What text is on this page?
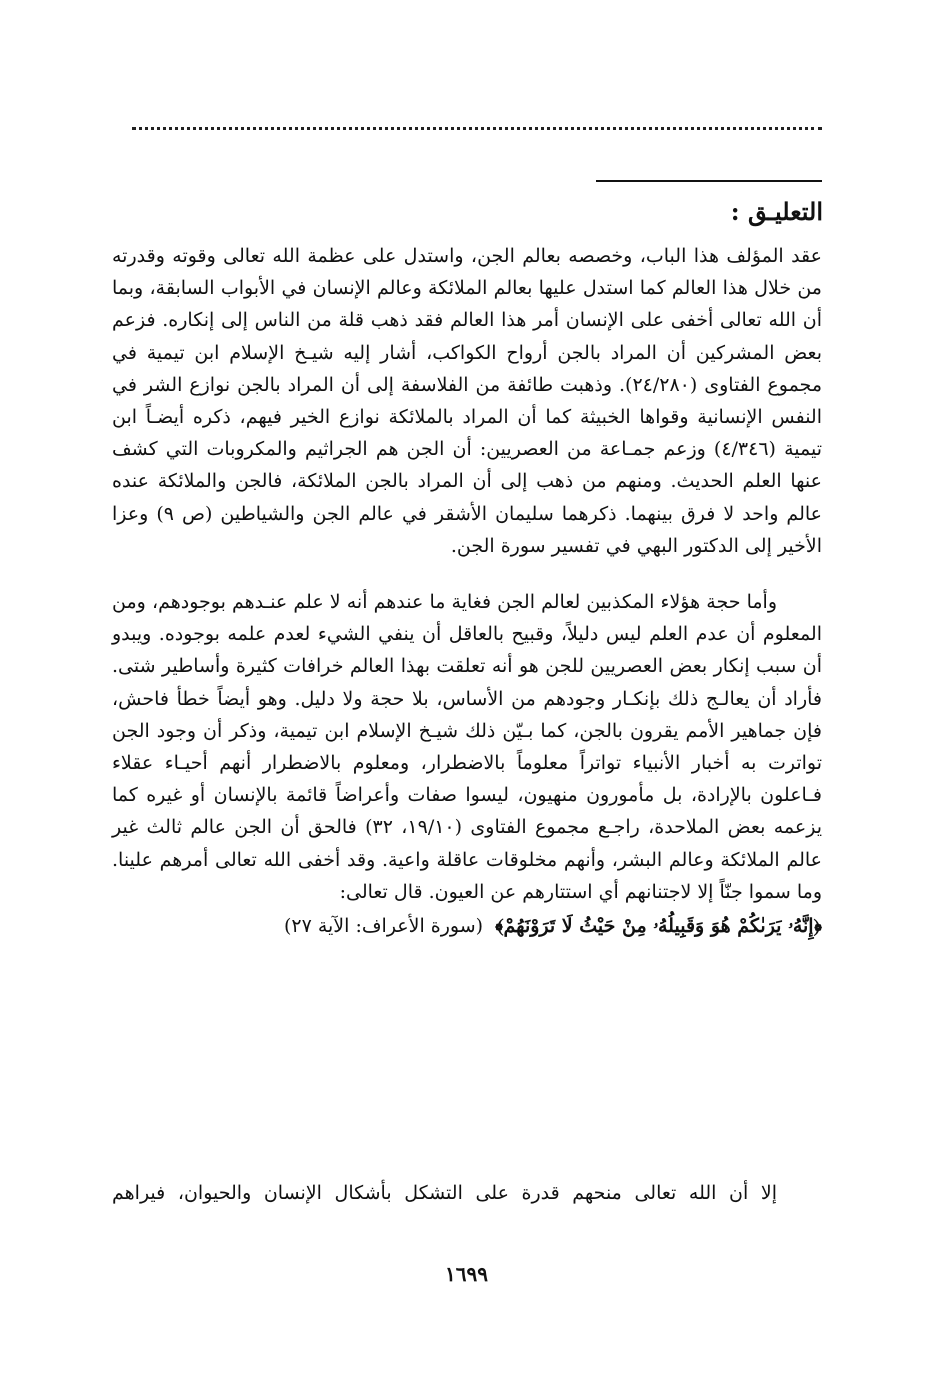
التعليـق :

عقد المؤلف هذا الباب، وخصصه بعالم الجن، واستدل على عظمة الله تعالى وقوته وقدرته من خلال هذا العالم كما استدل عليها بعالم الملائكة وعالم الإنسان في الأبواب السابقة، وبما أن الله تعالى أخفى على الإنسان أمر هذا العالم فقد ذهب قلة من الناس إلى إنكاره. فزعم بعض المشركين أن المراد بالجن أرواح الكواكب، أشار إليه شيـخ الإسلام ابن تيمية في مجموع الفتاوى (٢٤/٢٨٠). وذهبت طائفة من الفلاسفة إلى أن المراد بالجن نوازع الشر في النفس الإنسانية وقواها الخبيثة كما أن المراد بالملائكة نوازع الخير فيهم، ذكره أيضـاً ابن تيمية (٤/٣٤٦) وزعم جمـاعة من العصريين: أن الجن هم الجراثيم والمكروبات التي كشف عنها العلم الحديث. ومنهم من ذهب إلى أن المراد بالجن الملائكة، فالجن والملائكة عنده عالم واحد لا فرق بينهما. ذكرهما سليمان الأشقر في عالم الجن والشياطين (ص ٩) وعزا الأخير إلى الدكتور البهي في تفسير سورة الجن.

وأما حجة هؤلاء المكذبين لعالم الجن فغاية ما عندهم أنه لا علم عنـدهم بوجودهم، ومن المعلوم أن عدم العلم ليس دليلاً، وقبيح بالعاقل أن ينفي الشيء لعدم علمه بوجوده. ويبدو أن سبب إنكار بعض العصريين للجن هو أنه تعلقت بهذا العالم خرافات كثيرة وأساطير شتى. فأراد أن يعالـج ذلك بإنكـار وجودهم من الأساس، بلا حجة ولا دليل. وهو أيضاً خطأ فاحش، فإن جماهير الأمم يقرون بالجن، كما بـيّن ذلك شيـخ الإسلام ابن تيمية، وذكر أن وجود الجن تواترت به أخبار الأنبياء تواتراً معلوماً بالاضطرار، ومعلوم بالاضطرار أنهم أحيـاء عقلاء فـاعلون بالإرادة، بل مأمورون منهيون، ليسوا صفات وأعراضاً قائمة بالإنسان أو غيره كما يزعمه بعض الملاحدة، راجـع مجموع الفتاوى (١٩/١٠، ٣٢) فالحق أن الجن عالم ثالث غير عالم الملائكة وعالم البشر، وأنهم مخلوقات عاقلة واعية. وقد أخفى الله تعالى أمرهم علينا. وما سموا جنّاً إلا لاجتنانهم أي استتارهم عن العيون. قال تعالى:

﴿إِنَّهُۥ يَرَىٰكُمْ هُوَ وَقَبِيلُهُۥ مِنْ حَيْثُ لَا تَرَوْنَهُمْ﴾ (سورة الأعراف: الآية ٢٧)

إلا أن الله تعالى منحهم قدرة على التشكل بأشكال الإنسان والحيوان، فيراهم

١٦٩٩
